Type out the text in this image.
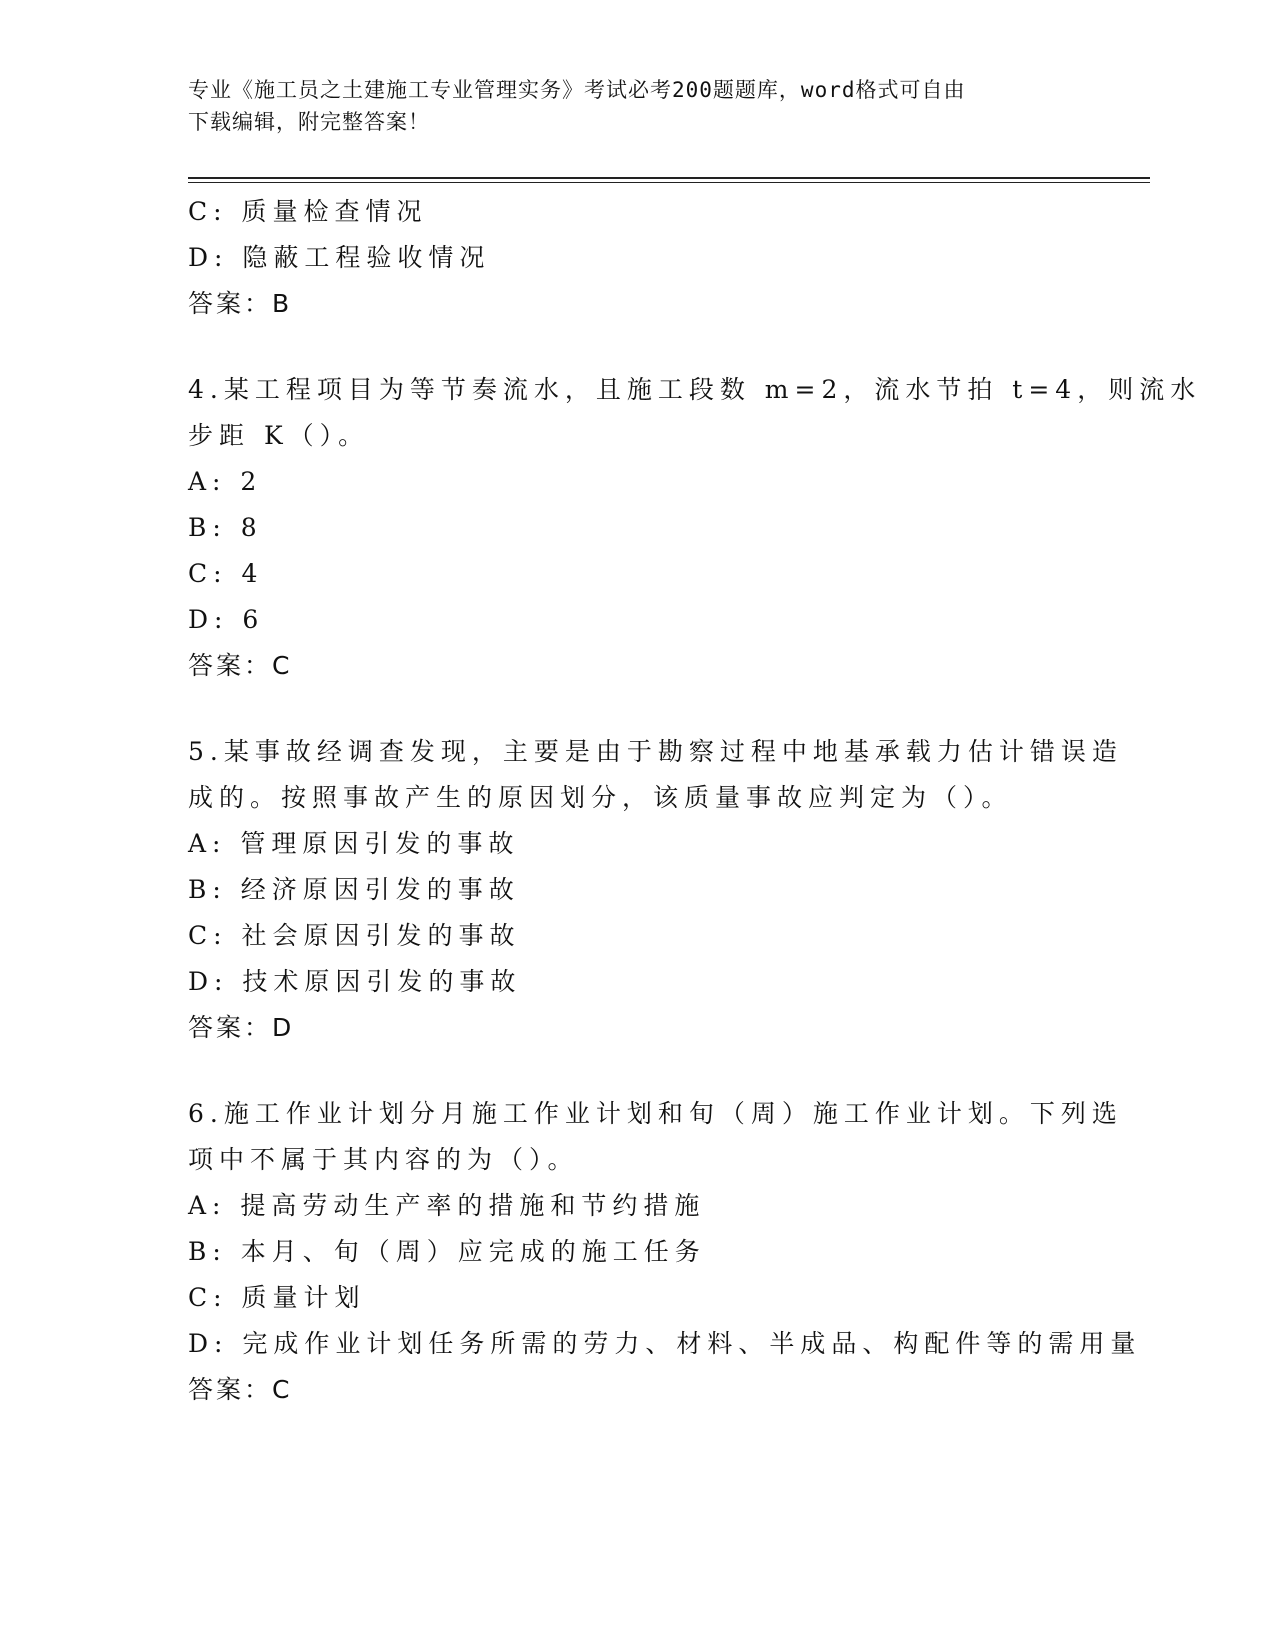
专业《施工员之土建施工专业管理实务》考试必考200题题库，word格式可自由
下载编辑，附完整答案！
C: 质量检查情况
D: 隐蔽工程验收情况
答案：B
4.某工程项目为等节奏流水，且施工段数 m=2，流水节拍 t=4，则流水
步距 K（）。
A: 2
B: 8
C: 4
D: 6
答案：C
5.某事故经调查发现，主要是由于勘察过程中地基承载力估计错误造
成的。按照事故产生的原因划分，该质量事故应判定为（）。
A: 管理原因引发的事故
B: 经济原因引发的事故
C: 社会原因引发的事故
D: 技术原因引发的事故
答案：D
6.施工作业计划分月施工作业计划和旬（周）施工作业计划。下列选
项中不属于其内容的为（）。
A: 提高劳动生产率的措施和节约措施
B: 本月、旬（周）应完成的施工任务
C: 质量计划
D: 完成作业计划任务所需的劳力、材料、半成品、构配件等的需用量
答案：C
